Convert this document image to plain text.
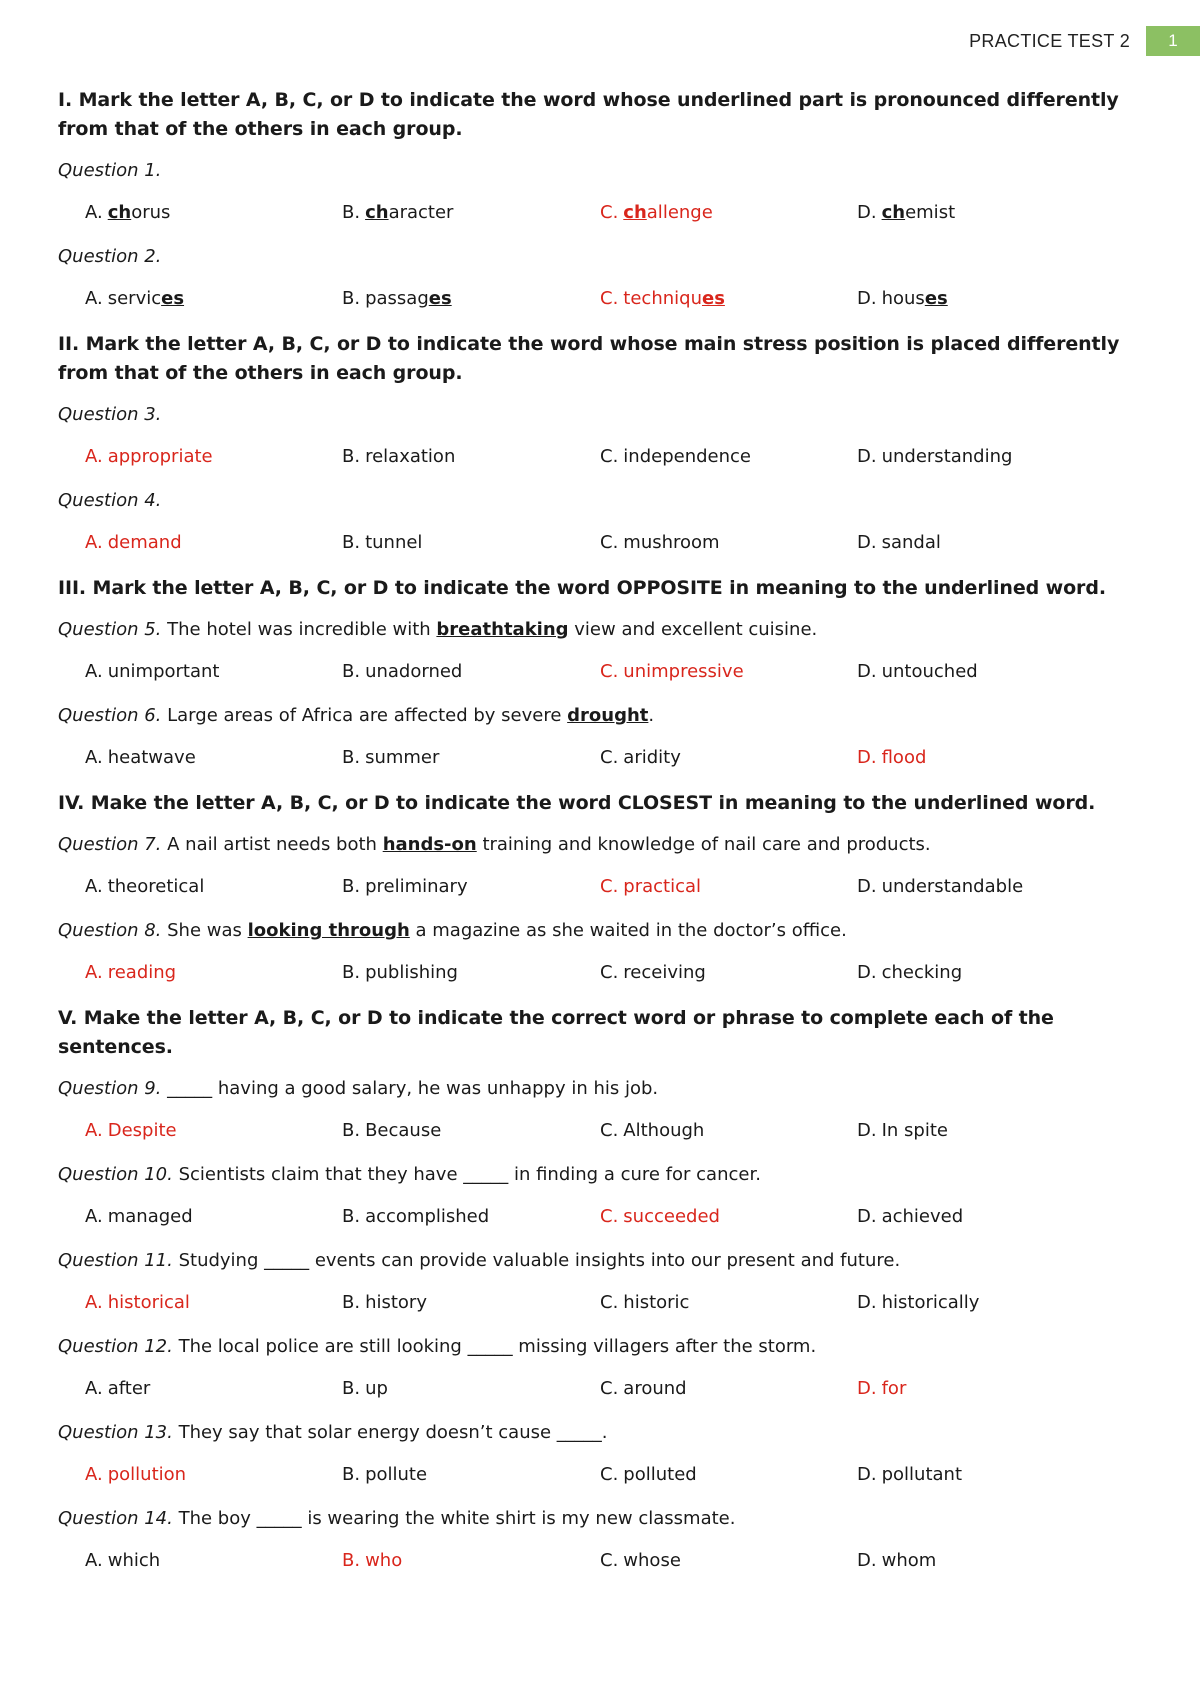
PRACTICE TEST 2	1
I. Mark the letter A, B, C, or D to indicate the word whose underlined part is pronounced differently from that of the others in each group.
Question 1.
A. chorus	B. character	C. challenge	D. chemist
Question 2.
A. services	B. passages	C. techniques	D. houses
II. Mark the letter A, B, C, or D to indicate the word whose main stress position is placed differently from that of the others in each group.
Question 3.
A. appropriate	B. relaxation	C. independence	D. understanding
Question 4.
A. demand	B. tunnel	C. mushroom	D. sandal
III. Mark the letter A, B, C, or D to indicate the word OPPOSITE in meaning to the underlined word.
Question 5. The hotel was incredible with breathtaking view and excellent cuisine.
A. unimportant	B. unadorned	C. unimpressive	D. untouched
Question 6. Large areas of Africa are affected by severe drought.
A. heatwave	B. summer	C. aridity	D. flood
IV. Make the letter A, B, C, or D to indicate the word CLOSEST in meaning to the underlined word.
Question 7. A nail artist needs both hands-on training and knowledge of nail care and products.
A. theoretical	B. preliminary	C. practical	D. understandable
Question 8. She was looking through a magazine as she waited in the doctor’s office.
A. reading	B. publishing	C. receiving	D. checking
V. Make the letter A, B, C, or D to indicate the correct word or phrase to complete each of the sentences.
Question 9. _____ having a good salary, he was unhappy in his job.
A. Despite	B. Because	C. Although	D. In spite
Question 10. Scientists claim that they have _____ in finding a cure for cancer.
A. managed	B. accomplished	C. succeeded	D. achieved
Question 11. Studying _____ events can provide valuable insights into our present and future.
A. historical	B. history	C. historic	D. historically
Question 12. The local police are still looking _____ missing villagers after the storm.
A. after	B. up	C. around	D. for
Question 13. They say that solar energy doesn’t cause _____.
A. pollution	B. pollute	C. polluted	D. pollutant
Question 14. The boy _____ is wearing the white shirt is my new classmate.
A. which	B. who	C. whose	D. whom
